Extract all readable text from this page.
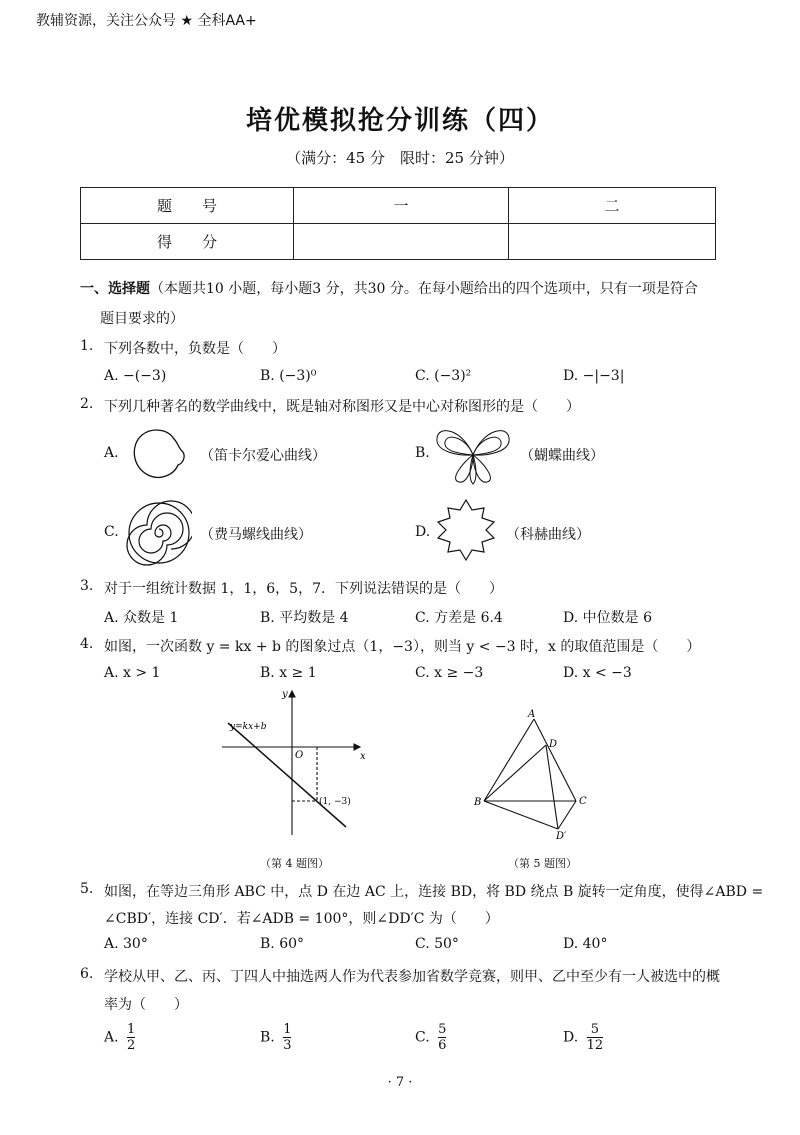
教辅资源，关注公众号 ★ 全科AA+
培优模拟抢分训练（四）
（满分：45 分　限时：25 分钟）
题　　号	一	二
得　　分		
一、选择题（本题共10 小题，每小题3 分，共30 分。在每小题给出的四个选项中，只有一项是符合
题目要求的）
1. 下列各数中，负数是（　　）
A. −(−3)	B. (−3)⁰	C. (−3)²	D. −|−3|
2. 下列几种著名的数学曲线中，既是轴对称图形又是中心对称图形的是（　　）
A.	（笛卡尔爱心曲线）	B.	（蝴蝶曲线）
C.	（费马螺线曲线）	D.	（科赫曲线）
3. 对于一组统计数据 1，1，6，5，7．下列说法错误的是（　　）
A. 众数是 1	B. 平均数是 4	C. 方差是 6.4	D. 中位数是 6
4. 如图，一次函数 y = kx + b 的图象过点（1，−3），则当 y < −3 时，x 的取值范围是（　　）
A. x > 1	B. x ≥ 1	C. x ≥ −3	D. x < −3
O	x
y
y=kx+b
(1, −3)
（第 4 题图）
A
D
B	C
D′
（第 5 题图）
5. 如图，在等边三角形 ABC 中，点 D 在边 AC 上，连接 BD，将 BD 绕点 B 旋转一定角度，使得∠ABD =
∠CBD′，连接 CD′．若∠ADB = 100°，则∠DD′C 为（　　）
A. 30°	B. 60°	C. 50°	D. 40°
6. 学校从甲、乙、丙、丁四人中抽选两人作为代表参加省数学竞赛，则甲、乙中至少有一人被选中的概
率为（　　）
A. $\frac{1}{2}$	B. $\frac{1}{3}$	C. $\frac{5}{6}$	D. $\frac{5}{12}$
· 7 ·
